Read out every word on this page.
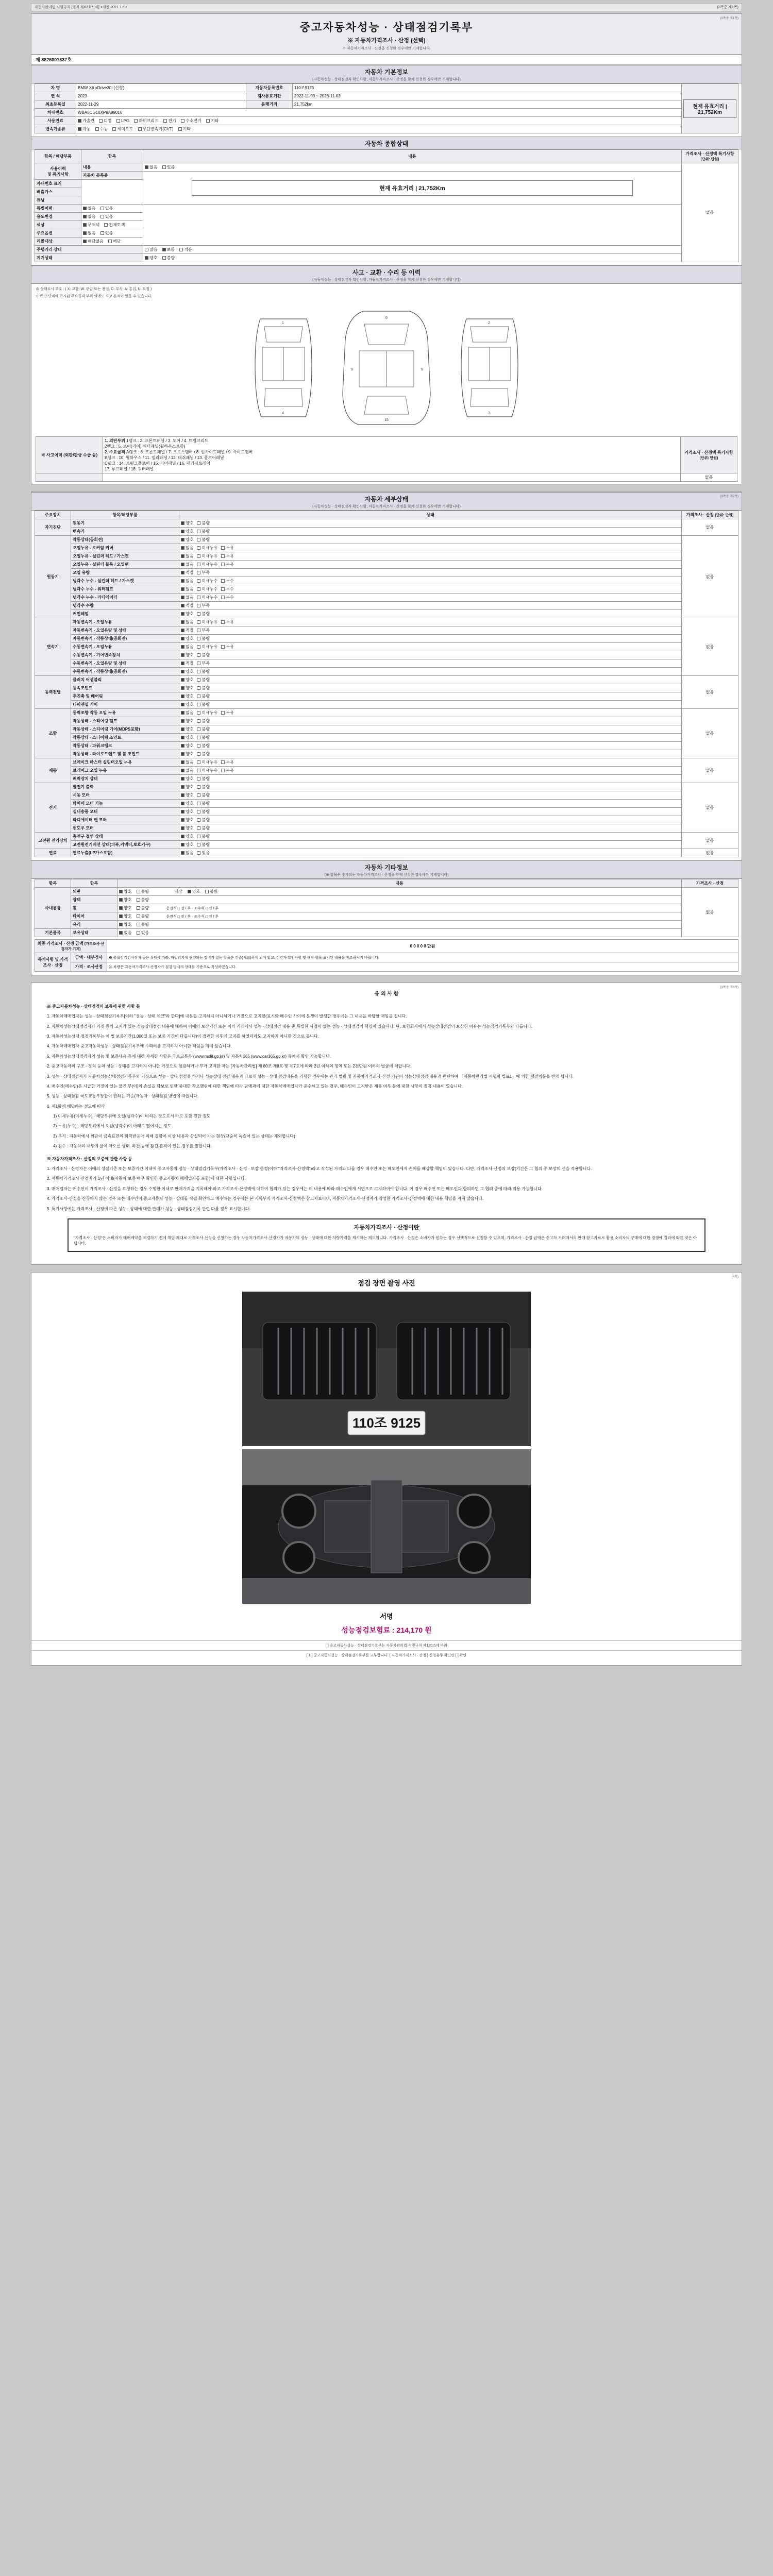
자동차관리법 시행규칙 [별지 제82호서식] <개정 2021.7.6.>	(3쪽중 제1쪽)
(3쪽중 제1쪽)
중고자동차성능 · 상태점검기록부
※ 자동차가격조사 · 산정 (선택)
※ 자동차가격조사 · 산정을 신청한 경우에만 기재합니다.
제 3826001637호
자동차 기본정보
(자동차성능 · 상태점검자 확인사항, 자동차가격조사 · 산정을 함께 신청한 경우에만 기재합니다)
차 명	BMW X6 xDrive30i (신형)	자동차등록번호	110조9125	현재 유효거리 | 21,752Km
연 식	2023	검사유효기간	2022-11-03 ~ 2026-11-03	
최초등록일	2022-11-29	운행거리	21,752km	
차대번호	WBA5CG10XP9A99016			
사용연료	가솔린 디젤 LPG 하이브리드 전기 수소전기 기타			
변속기종류	자동 수동 세미오토 무단변속기(CVT) 기타			
자동차 종합상태
항목 / 해당부품	항목	내용	가격조사 · 산정액 특기사항 (단위: 만원)
사용이력
및 특기사항	내용	없음 있음	없음
	자동차 등록증	현재 유효거리 | 21,752Km	

자대번호 표기			
배출가스			
튜닝			
특별이력	없음 있음		
용도변경	없음 있음		
색상	무채색 전체도색		
주요옵션	없음 있음		
리콜대상	해당없음 해당		
주행거리 상태		많음 보통 적음	
계기상태		양호 불량	
사고 · 교환 · 수리 등 이력
(자동차성능 · 상태점검자 확인사항, 자동차가격조사 · 산정을 함께 신청한 경우에만 기재합니다)
※ 상태표시 부호 : ( X: 교환, W: 판금 또는 용접, C: 부식, A: 흠집, U: 요철 )
※ 하단 단계에 표시된 주요골격 부위 외에도 사고 흔적이 있을 수 있습니다.
1
4
6
15
9	9
2
3
※ 사고이력 (외판/판금 수급 등)	
1. 외판부위 1랭크 : 2. 프론트패널 / 3. 도어 / 4. 트렁크리드
2랭크 : 5. 로어(리어) 쿼터패널(휠하우스포함)
2. 주요골격 A랭크 : 6. 프론트패널 / 7. 크로스멤버 / 8. 인사이드패널 / 9. 사이드멤버
B랭크 : 10. 휠하우스 / 11. 필라패널 / 12. 대쉬패널 / 13. 플로어패널
C랭크 : 14. 트렁크플로어 / 15. 리어패널 / 16. 패키지트레이
17. 루프패널 / 18. 쿼터패널
	가격조사 · 산정액 특기사항 (단위: 만원)
		없음
(3쪽중 제2쪽)
자동차 세부상태
(자동차성능 · 상태점검자 확인사항, 자동차가격조사 · 산정을 함께 신청한 경우에만 기재합니다)
주요장치	항목/해당부품	상태	가격조사 · 산정 (단위: 만원)
자기진단	원동기	양호 불량	없음
	변속기	양호 불량	
원동기	작동상태(공회전)	양호 불량	없음
	오일누유 - 로커암 커버	없음 미세누유 누유	
	오일누유 - 실린더 헤드 / 가스켓	없음 미세누유 누유	
	오일누유 - 실린더 블록 / 오일팬	없음 미세누유 누유	
	오일 유량	적정 부족	
	냉각수 누수 - 실린더 헤드 / 가스켓	없음 미세누수 누수	
	냉각수 누수 - 워터펌프	없음 미세누수 누수	
	냉각수 누수 - 라디에이터	없음 미세누수 누수	
	냉각수 수량	적정 부족	
	커먼레일	양호 불량	
변속기	자동변속기 - 오일누유	없음 미세누유 누유	없음
	자동변속기 - 오일유량 및 상태	적정 부족	
	자동변속기 - 작동상태(공회전)	양호 불량	
	수동변속기 - 오일누유	없음 미세누유 누유	
	수동변속기 - 기어변속장치	양호 불량	
	수동변속기 - 오일유량 및 상태	적정 부족	
	수동변속기 - 작동상태(공회전)	양호 불량	
동력전달	클러치 어셈블리	양호 불량	없음
	등속조인트	양호 불량	
	추진축 및 베어링	양호 불량	
	디퍼렌셜 기어	양호 불량	
조향	동력조향 작동 오일 누유	없음 미세누유 누유	없음
	작동상태 - 스티어링 펌프	양호 불량	
	작동상태 - 스티어링 기어(MDPS포함)	양호 불량	
	작동상태 - 스티어링 조인트	양호 불량	
	작동상태 - 파워크랭크	양호 불량	
	작동상태 - 타이로드엔드 및 볼 조인트	양호 불량	
제동	브레이크 마스터 실린더오일 누유	없음 미세누유 누유	없음
	브레이크 오일 누유	없음 미세누유 누유	
	배력장치 상태	양호 불량	
전기	발전기 출력	양호 불량	없음
	시동 모터	양호 불량	
	와이퍼 모터 기능	양호 불량	
	실내송풍 모터	양호 불량	
	라디에이터 팬 모터	양호 불량	
	윈도우 모터	양호 불량	
고전원 전기장치	충전구 절연 상태	양호 불량	없음
	고전원전기배선 상태(피복,커넥터,보호기구)	양호 불량	
연료	연료누출(LP가스포함)	없음 있음	없음
자동차 기타정보
(※ 항목은 추가되는 자동차가격조사 · 산정을 함께 신청한 경우에만 기재합니다)
항목	항목	내용	가격조사 · 산정
사내용품	외관	양호 불량 내장 양호 불량	없음
	광택	양호 불량	
	휠	양호 불량 운전석 □ 전 / 후 · 조수석 □ 전 / 후	
	타이어	양호 불량 운전석 □ 전 / 후 · 조수석 □ 전 / 후	
	유리	양호 불량	
기본품목	보유상태	없음 있음	
최종 가격조사 · 산정 금액 (가격조사·산정자가 기재)		0 0 0 0 0 만원
특기사항 및 가격조사 · 산정	금액 · 내부검사	※ 볼륨감각검사장치 등은 상태에 따라, 마일리지에 관련되는 장비가 있는 항목은 검증(체크)하게 되어 있고, 점검자 확인사항 및 해당 항목 표시된 내용을 참조하시기 바랍니다.
	가격 · 조사산정	본 차량은 자동차가격조사·산정자가 점검 당시의 상태를 기준으로 작성하였습니다.
(3쪽중 제3쪽)
유 의 사 항

※ 중고자동차성능 · 상태점검의 보증에 관한 사항 등

1. 자동차매매업자는 성능 · 상태점검기록부[이하 "성능 · 상태 체크"라 한다]에 내용을 고지하지 아니하거나 거짓으로 고지할(표시와 매수인 사이에 분쟁이 발생한 경우에는 그 내용을 바탕할 책임을 집니다.

2. 자동차성능상태점검자가 거짓 등의 고지가 있는 성능상태점검 내용에 대하여 이에의 보장기간 또는 이의 거래에서 성능 · 상태점검 내용 중 특별한 사정이 없는 성능 · 상태점검의 책임이 있습니다. 단, 보험회사에서 성능상태점검의 보상한 이유는 성능점검기록부와 다릅니다.

3. 자동차성능상태 점검기록부는 이 법 보증기간(1,000일 또는 보증 기간이 다릅니다)이 경과한 이후에 고지를 하였더라도 고지하지 아니한 것으로 봅니다.

4. 자동차매매업자 중고자동차성능 · 상태점검기록부에 수리비를 고지하지 아니한 책임을 지지 않습니다.

5. 자동차성능상태점검자의 성능 및 보증내용 등에 대한 자세한 사항은 국토교통부 (www.molit.go.kr) 및 자동차365 (www.car365.go.kr) 등에서 확인 가능합니다.

2. 중고자동차의 구조 · 장치 등의 성능 · 상태를 고지하지 아니한 거짓으로 점검하거나 부가 고지한 자는 [자동차관리법] 제 80조 제8호 및 제7호에 따라 2년 이하의 징역 또는 2천만원 이하의 벌금에 처합니다.

3. 성능 · 상태점검자가 자동차성능상태점검기록부와 거짓으로 성능 · 상태 점검을 하거나 성능상태 점검 내용과 다르게 성능 · 상태 점검내용을 기재한 경우에는 관리 법령 및 자동차가격조사·산정 기관이 성능상태점검 내용과 관련하여 「자동차관리법 시행령 별표1」에 의한 행정처분을 받게 됩니다.

4. 매수인(매수인)은 시급한 거짓이 있는 물건 부(이)의 손실을 담보로 인한 중대한 착오행위에 대한 책임에 따라 판매과에 대한 자동차매매업자가 준수하고 있는 경우, 매수인이 고지받은 제품 여부 등에 대한 사항의 점검 내용이 있습니다.

5. 성능 · 상태점검 국토교통부장관이 권하는 기준(자동차 · 상태점검 방법에 따릅니다.

6. 제1항에 해당하는 정도에 따라

1) 미세누유(미세누수) · 해당부위에 오일(냉각수)이 비치는 정도로서 바로 포함 진한 정도

2) 누유(누수) · 해당부위에서 오일(냉각수)이 아래로 떨어지는 정도

3) 부식 : 자동차에서 외판이 금속표면의 화학반응에 의해 결함이 이상 내용과 상실되어 가는 현상(단순히 녹슬어 있는 상태는 제외합니다)

4) 침수 : 자동차의 내부에 물이 차오른 상태. 하천 등에 잠긴 흔적이 있는 경우를 말합니다.

※ 자동차가격조사 · 산정의 보증에 관한 사항 등

1. 가격조사 · 산정자는 이에의 성질기준 또는 보증기간 이내에 중고자동차 성능 · 상태점검기록부(가격조사 · 산정 · 보장 한정(이하 "가격조사·산정액")라고 작성된 가격과 다를 경우 매수인 또는 매도인에게 손해를 배상할 책임이 있습니다. 다만, 가격조사·산정의 보장(기간은 그 협의 중 보장의 선을 적용합니다.

2. 자동차가격조사·산정자가 1년 이내(자동차 보증 여부 확인한 중고자동차 매매업자를 포함)에 대한 사항입니다.

3. 매매업자는 매수인이 가격조사 · 산정을 요청하는 경우 수행한 이내로 판매가격을 기록해야 하고 가격조사·산정액에 대하여 협의가 있는 경우에는 이 내용에 따라 매수인에게 서면으로 고지하여야 합니다. 이 경우 매수인 또는 매도인과 합의하면 그 협의 중에 따라 적용 가능합니다.

4. 가격조사·산정을 신청하지 않는 경우 또는 매수인이 중고자동차 성능 · 상태를 직접 확인하고 매수하는 경우에는 본 기록부의 가격조사·산정액은 참고자료이며, 자동차가격조사·산정자가 작성한 가격조사·산정액에 대한 내용 책임을 지지 않습니다.

5. 특기사항에는 가격조사 · 산정에 따른 성능 · 상태에 대한 판매가 성능 · 상태점검기록 관련 다를 경우 표시합니다.

자동차가격조사 · 산정이란
"가격조사 · 산정"은 소비자가 매매계약을 체결하기 전에 해당 제대로 가격조사·산정을 신청하는 경우 자동차가격조사·산정자가 자동차의 성능 · 상태에 대한 차량가격을 제시하는 제도입니다. 가격조사 · 산정은 소비자가 원하는 경우 선택적으로 신청할 수 있으며, 가격조사 · 산정 금액은 중고차 거래에서의 판매 참고자료로 활용 소비자의 구매에 대한 경쟁에 결과에 따른 것은 아닙니다.
(4쪽)
점검 장면 촬영 사진
110조 9125
서명
성능점검보험료 : 214,170 원
[ ] 중고자동차성능 · 상태점검기록부는 자동차관리법 시행규칙 제120조에 따라
[ 1 ] 중고자동차성능 · 상태점검기록부를 교부합니다. [ 자동차가격조사 · 산정 ] 신청유무 확인란 [ ] 확인
